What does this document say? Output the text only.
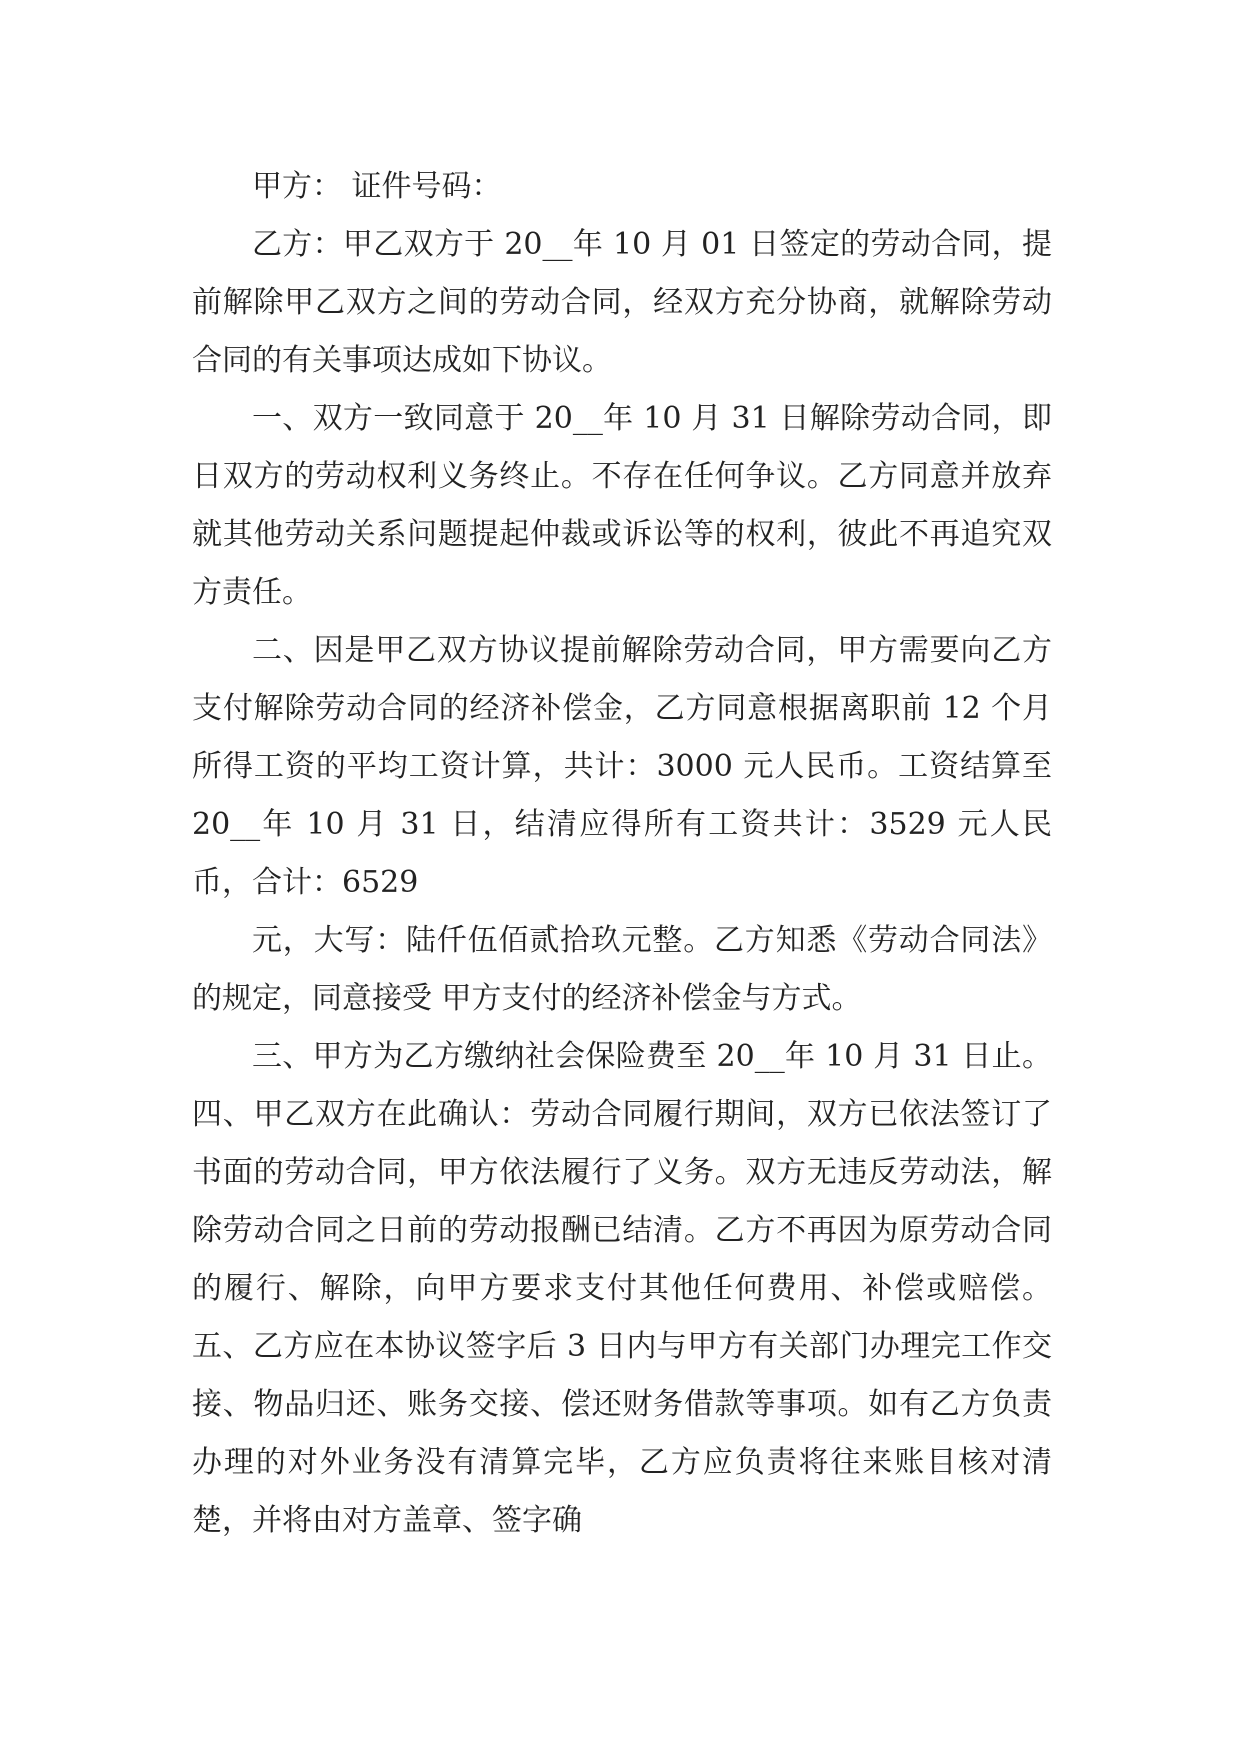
甲方： 证件号码：

乙方：甲乙双方于 20__年 10 月 01 日签定的劳动合同，提前解除甲乙双方之间的劳动合同，经双方充分协商，就解除劳动合同的有关事项达成如下协议。

一、双方一致同意于 20__年 10 月 31 日解除劳动合同，即日双方的劳动权利义务终止。不存在任何争议。乙方同意并放弃就其他劳动关系问题提起仲裁或诉讼等的权利，彼此不再追究双方责任。

二、因是甲乙双方协议提前解除劳动合同，甲方需要向乙方支付解除劳动合同的经济补偿金，乙方同意根据离职前 12 个月所得工资的平均工资计算，共计：3000 元人民币。工资结算至 20__年 10 月 31 日，结清应得所有工资共计：3529 元人民币，合计：6529

元，大写：陆仟伍佰贰拾玖元整。乙方知悉《劳动合同法》的规定，同意接受 甲方支付的经济补偿金与方式。

三、甲方为乙方缴纳社会保险费至 20__年 10 月 31 日止。四、甲乙双方在此确认：劳动合同履行期间，双方已依法签订了书面的劳动合同，甲方依法履行了义务。双方无违反劳动法，解除劳动合同之日前的劳动报酬已结清。乙方不再因为原劳动合同的履行、解除，向甲方要求支付其他任何费用、补偿或赔偿。五、乙方应在本协议签字后 3 日内与甲方有关部门办理完工作交接、物品归还、账务交接、偿还财务借款等事项。如有乙方负责办理的对外业务没有清算完毕，乙方应负责将往来账目核对清楚，并将由对方盖章、签字确
